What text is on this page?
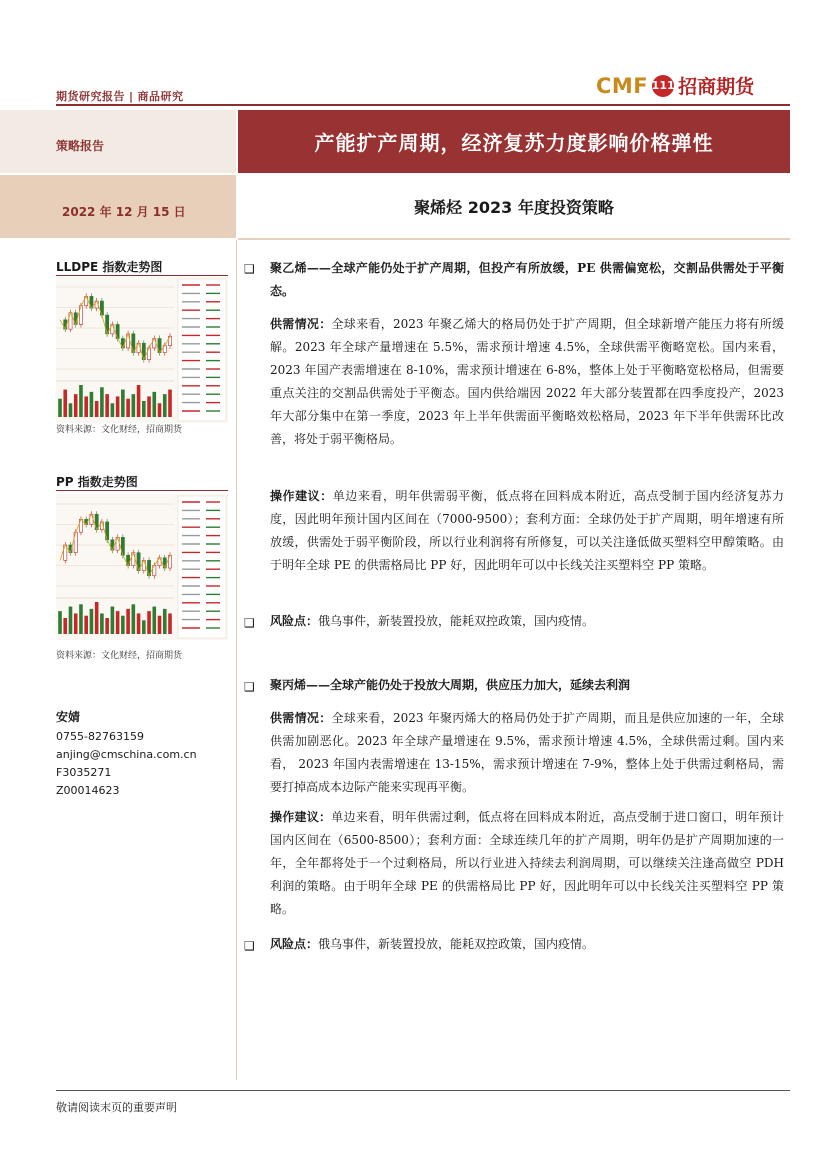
期货研究报告 | 商品研究	CMF 111 招商期货
策略报告
2022 年 12 月 15 日
产能扩产周期，经济复苏力度影响价格弹性
聚烯烃 2023 年度投资策略
LLDPE 指数走势图
资料来源：文化财经，招商期货
PP 指数走势图
资料来源：文化财经，招商期货
安婧
0755-82763159
anjing@cmschina.com.cn
F3035271
Z00014623
❑ 聚乙烯——全球产能仍处于扩产周期，但投产有所放缓，PE 供需偏宽松，交割品供需处于平衡态。
供需情况：全球来看，2023 年聚乙烯大的格局仍处于扩产周期，但全球新增产能压力将有所缓解。2023 年全球产量增速在 5.5%，需求预计增速 4.5%，全球供需平衡略宽松。国内来看，2023 年国产表需增速在 8-10%，需求预计增速在 6-8%，整体上处于平衡略宽松格局，但需要重点关注的交割品供需处于平衡态。国内供给端因 2022 年大部分装置都在四季度投产，2023 年大部分集中在第一季度，2023 年上半年供需面平衡略效松格局，2023 年下半年供需环比改善，将处于弱平衡格局。
操作建议：单边来看，明年供需弱平衡，低点将在回料成本附近，高点受制于国内经济复苏力度，因此明年预计国内区间在（7000-9500）；套利方面：全球仍处于扩产周期，明年增速有所放缓，供需处于弱平衡阶段，所以行业利润将有所修复，可以关注逢低做买塑料空甲醇策略。由于明年全球 PE 的供需格局比 PP 好，因此明年可以中长线关注买塑料空 PP 策略。
❑ 风险点：俄乌事件，新装置投放，能耗双控政策，国内疫情。
❑ 聚丙烯——全球产能仍处于投放大周期，供应压力加大，延续去利润
供需情况：全球来看，2023 年聚丙烯大的格局仍处于扩产周期，而且是供应加速的一年，全球供需加剧恶化。2023 年全球产量增速在 9.5%，需求预计增速 4.5%，全球供需过剩。国内来看， 2023 年国内表需增速在 13-15%，需求预计增速在 7-9%，整体上处于供需过剩格局，需要打掉高成本边际产能来实现再平衡。
操作建议：单边来看，明年供需过剩，低点将在回料成本附近，高点受制于进口窗口，明年预计国内区间在（6500-8500）；套利方面：全球连续几年的扩产周期，明年仍是扩产周期加速的一年，全年都将处于一个过剩格局，所以行业进入持续去利润周期，可以继续关注逢高做空 PDH 利润的策略。由于明年全球 PE 的供需格局比 PP 好，因此明年可以中长线关注买塑料空 PP 策略。
❑ 风险点：俄乌事件，新装置投放，能耗双控政策，国内疫情。
敬请阅读末页的重要声明
